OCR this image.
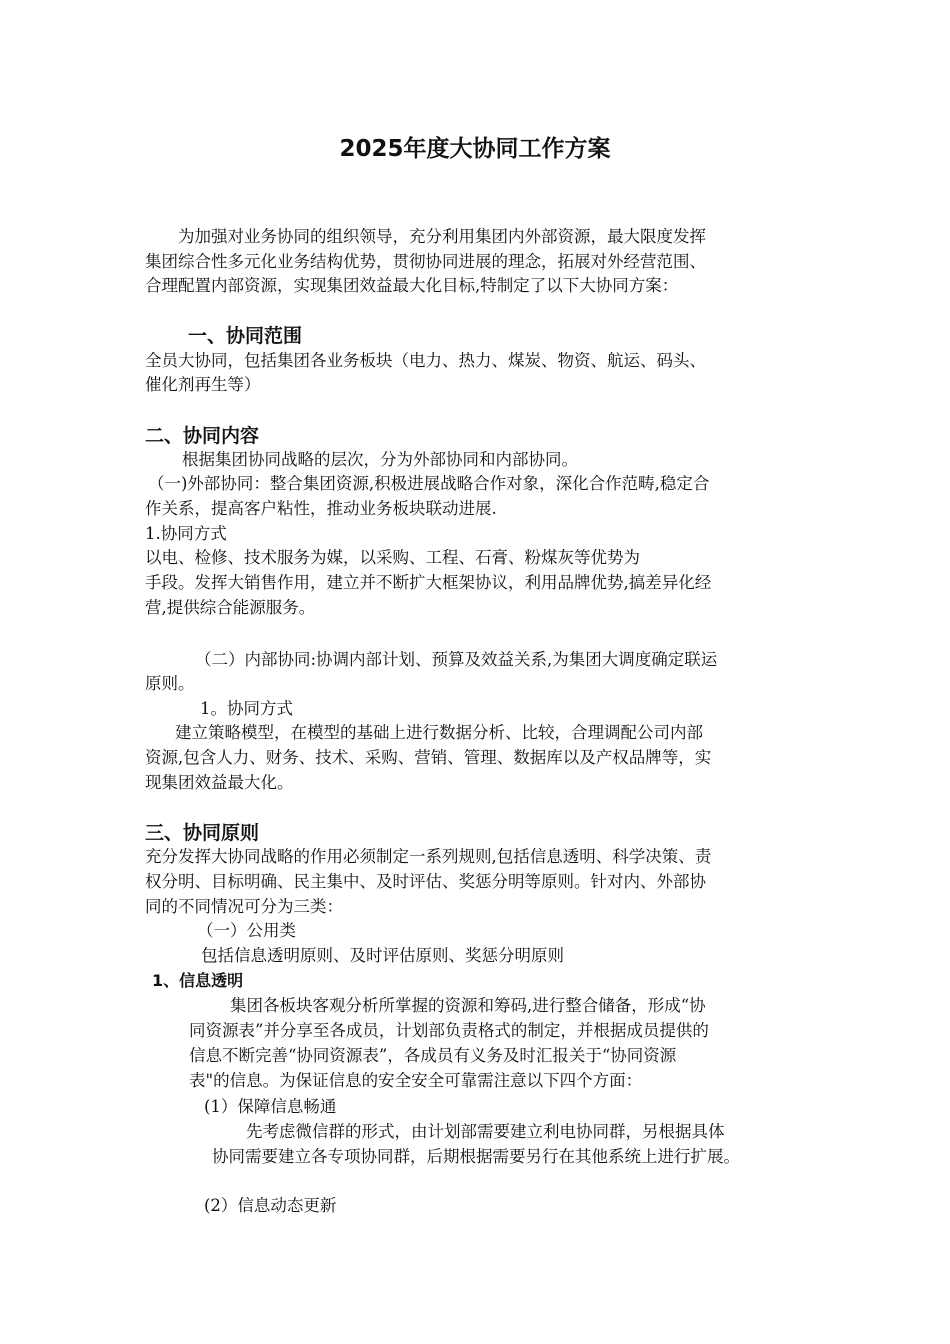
2025年度大协同工作方案
为加强对业务协同的组织领导，充分利用集团内外部资源，最大限度发挥
集团综合性多元化业务结构优势，贯彻协同进展的理念，拓展对外经营范围、
合理配置内部资源，实现集团效益最大化目标,特制定了以下大协同方案：
一、协同范围
全员大协同，包括集团各业务板块（电力、热力、煤炭、物资、航运、码头、
催化剂再生等）
二、协同内容
根据集团协同战略的层次，分为外部协同和内部协同。
（一)外部协同：整合集团资源,积极进展战略合作对象，深化合作范畴,稳定合
作关系，提高客户粘性，推动业务板块联动进展.
1.协同方式
以电、检修、技术服务为媒，以采购、工程、石膏、粉煤灰等优势为
手段。发挥大销售作用，建立并不断扩大框架协议，利用品牌优势,搞差异化经
营,提供综合能源服务。
（二）内部协同:协调内部计划、预算及效益关系,为集团大调度确定联运
原则。
1。协同方式
建立策略模型，在模型的基础上进行数据分析、比较，合理调配公司内部
资源,包含人力、财务、技术、采购、营销、管理、数据库以及产权品牌等，实
现集团效益最大化。
三、协同原则
充分发挥大协同战略的作用必须制定一系列规则,包括信息透明、科学决策、责
权分明、目标明确、民主集中、及时评估、奖惩分明等原则。针对内、外部协
同的不同情况可分为三类：
（一）公用类
包括信息透明原则、及时评估原则、奖惩分明原则
1、信息透明
集团各板块客观分析所掌握的资源和筹码,进行整合储备，形成“协
同资源表”并分享至各成员，计划部负责格式的制定，并根据成员提供的
信息不断完善“协同资源表”，各成员有义务及时汇报关于“协同资源
表"的信息。为保证信息的安全安全可靠需注意以下四个方面：
(1）保障信息畅通
先考虑微信群的形式，由计划部需要建立利电协同群，另根据具体
协同需要建立各专项协同群，后期根据需要另行在其他系统上进行扩展。
(2）信息动态更新
